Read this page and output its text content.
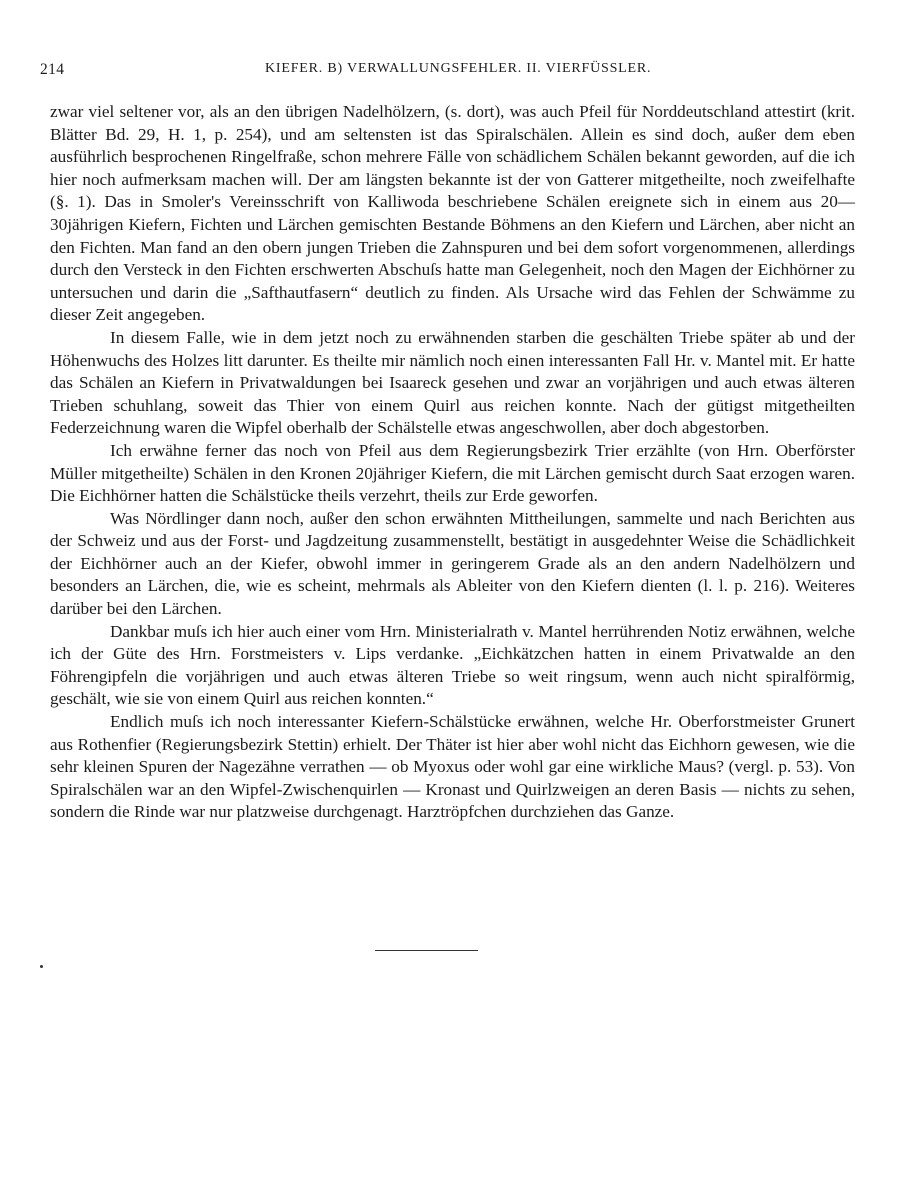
214	KIEFER. B) VERWALLUNGSFEHLER. II. VIERFÜSSLER.

zwar viel seltener vor, als an den übrigen Nadelhölzern, (s. dort), was auch Pfeil für Norddeutschland attestirt (krit. Blätter Bd. 29, H. 1, p. 254), und am seltensten ist das Spiralschälen. Allein es sind doch, außer dem eben ausführlich besprochenen Ringelfraße, schon mehrere Fälle von schädlichem Schälen bekannt geworden, auf die ich hier noch aufmerksam machen will. Der am längsten bekannte ist der von Gatterer mitgetheilte, noch zweifelhafte (§. 1). Das in Smoler's Vereinsschrift von Kalliwoda beschriebene Schälen ereignete sich in einem aus 20—30jährigen Kiefern, Fichten und Lärchen gemischten Bestande Böhmens an den Kiefern und Lärchen, aber nicht an den Fichten. Man fand an den obern jungen Trieben die Zahnspuren und bei dem sofort vorgenommenen, allerdings durch den Versteck in den Fichten erschwerten Abschuſs hatte man Gelegenheit, noch den Magen der Eichhörner zu untersuchen und darin die „Safthautfasern“ deutlich zu finden. Als Ursache wird das Fehlen der Schwämme zu dieser Zeit angegeben.

In diesem Falle, wie in dem jetzt noch zu erwähnenden starben die geschälten Triebe später ab und der Höhenwuchs des Holzes litt darunter. Es theilte mir nämlich noch einen interessanten Fall Hr. v. Mantel mit. Er hatte das Schälen an Kiefern in Privatwaldungen bei Isaareck gesehen und zwar an vorjährigen und auch etwas älteren Trieben schuhlang, soweit das Thier von einem Quirl aus reichen konnte. Nach der gütigst mitgetheilten Federzeichnung waren die Wipfel oberhalb der Schälstelle etwas angeschwollen, aber doch abgestorben.

Ich erwähne ferner das noch von Pfeil aus dem Regierungsbezirk Trier erzählte (von Hrn. Oberförster Müller mitgetheilte) Schälen in den Kronen 20jähriger Kiefern, die mit Lärchen gemischt durch Saat erzogen waren. Die Eichhörner hatten die Schälstücke theils verzehrt, theils zur Erde geworfen.

Was Nördlinger dann noch, außer den schon erwähnten Mittheilungen, sammelte und nach Berichten aus der Schweiz und aus der Forst- und Jagdzeitung zusammenstellt, bestätigt in ausgedehnter Weise die Schädlichkeit der Eichhörner auch an der Kiefer, obwohl immer in geringerem Grade als an den andern Nadelhölzern und besonders an Lärchen, die, wie es scheint, mehrmals als Ableiter von den Kiefern dienten (l. l. p. 216). Weiteres darüber bei den Lärchen.

Dankbar muſs ich hier auch einer vom Hrn. Ministerialrath v. Mantel herrührenden Notiz erwähnen, welche ich der Güte des Hrn. Forstmeisters v. Lips verdanke. „Eichkätzchen hatten in einem Privatwalde an den Föhrengipfeln die vorjährigen und auch etwas älteren Triebe so weit ringsum, wenn auch nicht spiralförmig, geschält, wie sie von einem Quirl aus reichen konnten.“

Endlich muſs ich noch interessanter Kiefern-Schälstücke erwähnen, welche Hr. Oberforstmeister Grunert aus Rothenfier (Regierungsbezirk Stettin) erhielt. Der Thäter ist hier aber wohl nicht das Eichhorn gewesen, wie die sehr kleinen Spuren der Nagezähne verrathen — ob Myoxus oder wohl gar eine wirkliche Maus? (vergl. p. 53). Von Spiralschälen war an den Wipfel-Zwischenquirlen — Kronast und Quirlzweigen an deren Basis — nichts zu sehen, sondern die Rinde war nur platzweise durchgenagt. Harztröpfchen durchziehen das Ganze.
